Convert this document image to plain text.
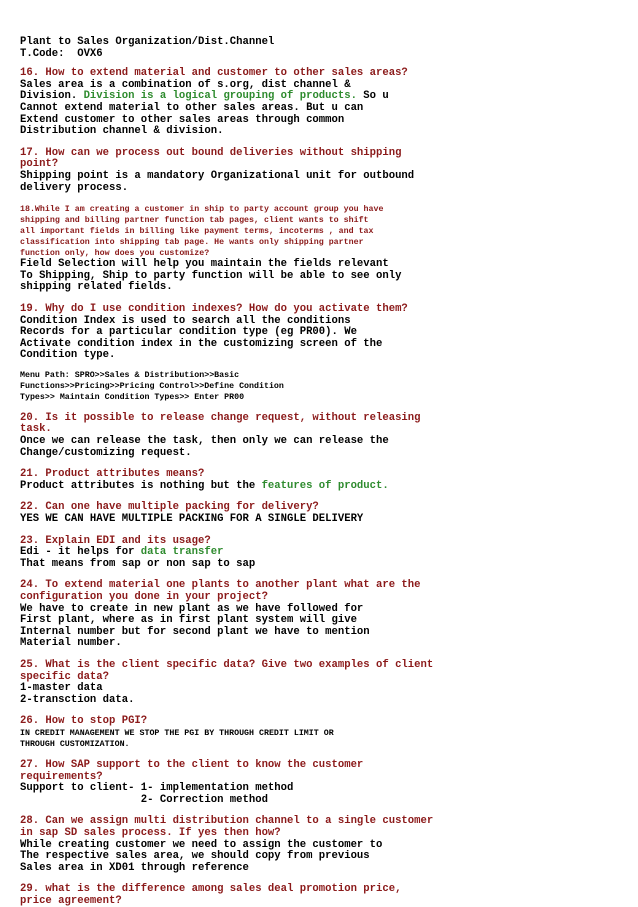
Plant to Sales Organization/Dist.Channel
T.Code:  OVX6
16. How to extend material and customer to other sales areas?
Sales area is a combination of s.org, dist channel &
Division. Division is a logical grouping of products. So u
Cannot extend material to other sales areas. But u can
Extend customer to other sales areas through common
Distribution channel & division.
17. How can we process out bound deliveries without shipping
point?
Shipping point is a mandatory Organizational unit for outbound
delivery process.
18.While I am creating a customer in ship to party account group you have
shipping and billing partner function tab pages, client wants to shift
all important fields in billing like payment terms, incoterms , and tax
classification into shipping tab page. He wants only shipping partner
function only, how does you customize?
Field Selection will help you maintain the fields relevant
To Shipping, Ship to party function will be able to see only
shipping related fields.
19. Why do I use condition indexes? How do you activate them?
Condition Index is used to search all the conditions
Records for a particular condition type (eg PR00). We
Activate condition index in the customizing screen of the
Condition type.
Menu Path: SPRO>>Sales & Distribution>>Basic
Functions>>Pricing>>Pricing Control>>Define Condition
Types>> Maintain Condition Types>> Enter PR00
20. Is it possible to release change request, without releasing
task.
Once we can release the task, then only we can release the
Change/customizing request.
21. Product attributes means?
Product attributes is nothing but the features of product.
22. Can one have multiple packing for delivery?
YES WE CAN HAVE MULTIPLE PACKING FOR A SINGLE DELIVERY
23. Explain EDI and its usage?
Edi - it helps for data transfer
That means from sap or non sap to sap
24. To extend material one plants to another plant what are the
configuration you done in your project?
We have to create in new plant as we have followed for
First plant, where as in first plant system will give
Internal number but for second plant we have to mention
Material number.
25. What is the client specific data? Give two examples of client
specific data?
1-master data
2-transction data.
26. How to stop PGI?
IN CREDIT MANAGEMENT WE STOP THE PGI BY THROUGH CREDIT LIMIT OR
THROUGH CUSTOMIZATION.
27. How SAP support to the client to know the customer
requirements?
Support to client- 1- implementation method
2- Correction method
28. Can we assign multi distribution channel to a single customer
in sap SD sales process. If yes then how?
While creating customer we need to assign the customer to
The respective sales area, we should copy from previous
Sales area in XD01 through reference
29. what is the difference among sales deal promotion price,
price agreement?
